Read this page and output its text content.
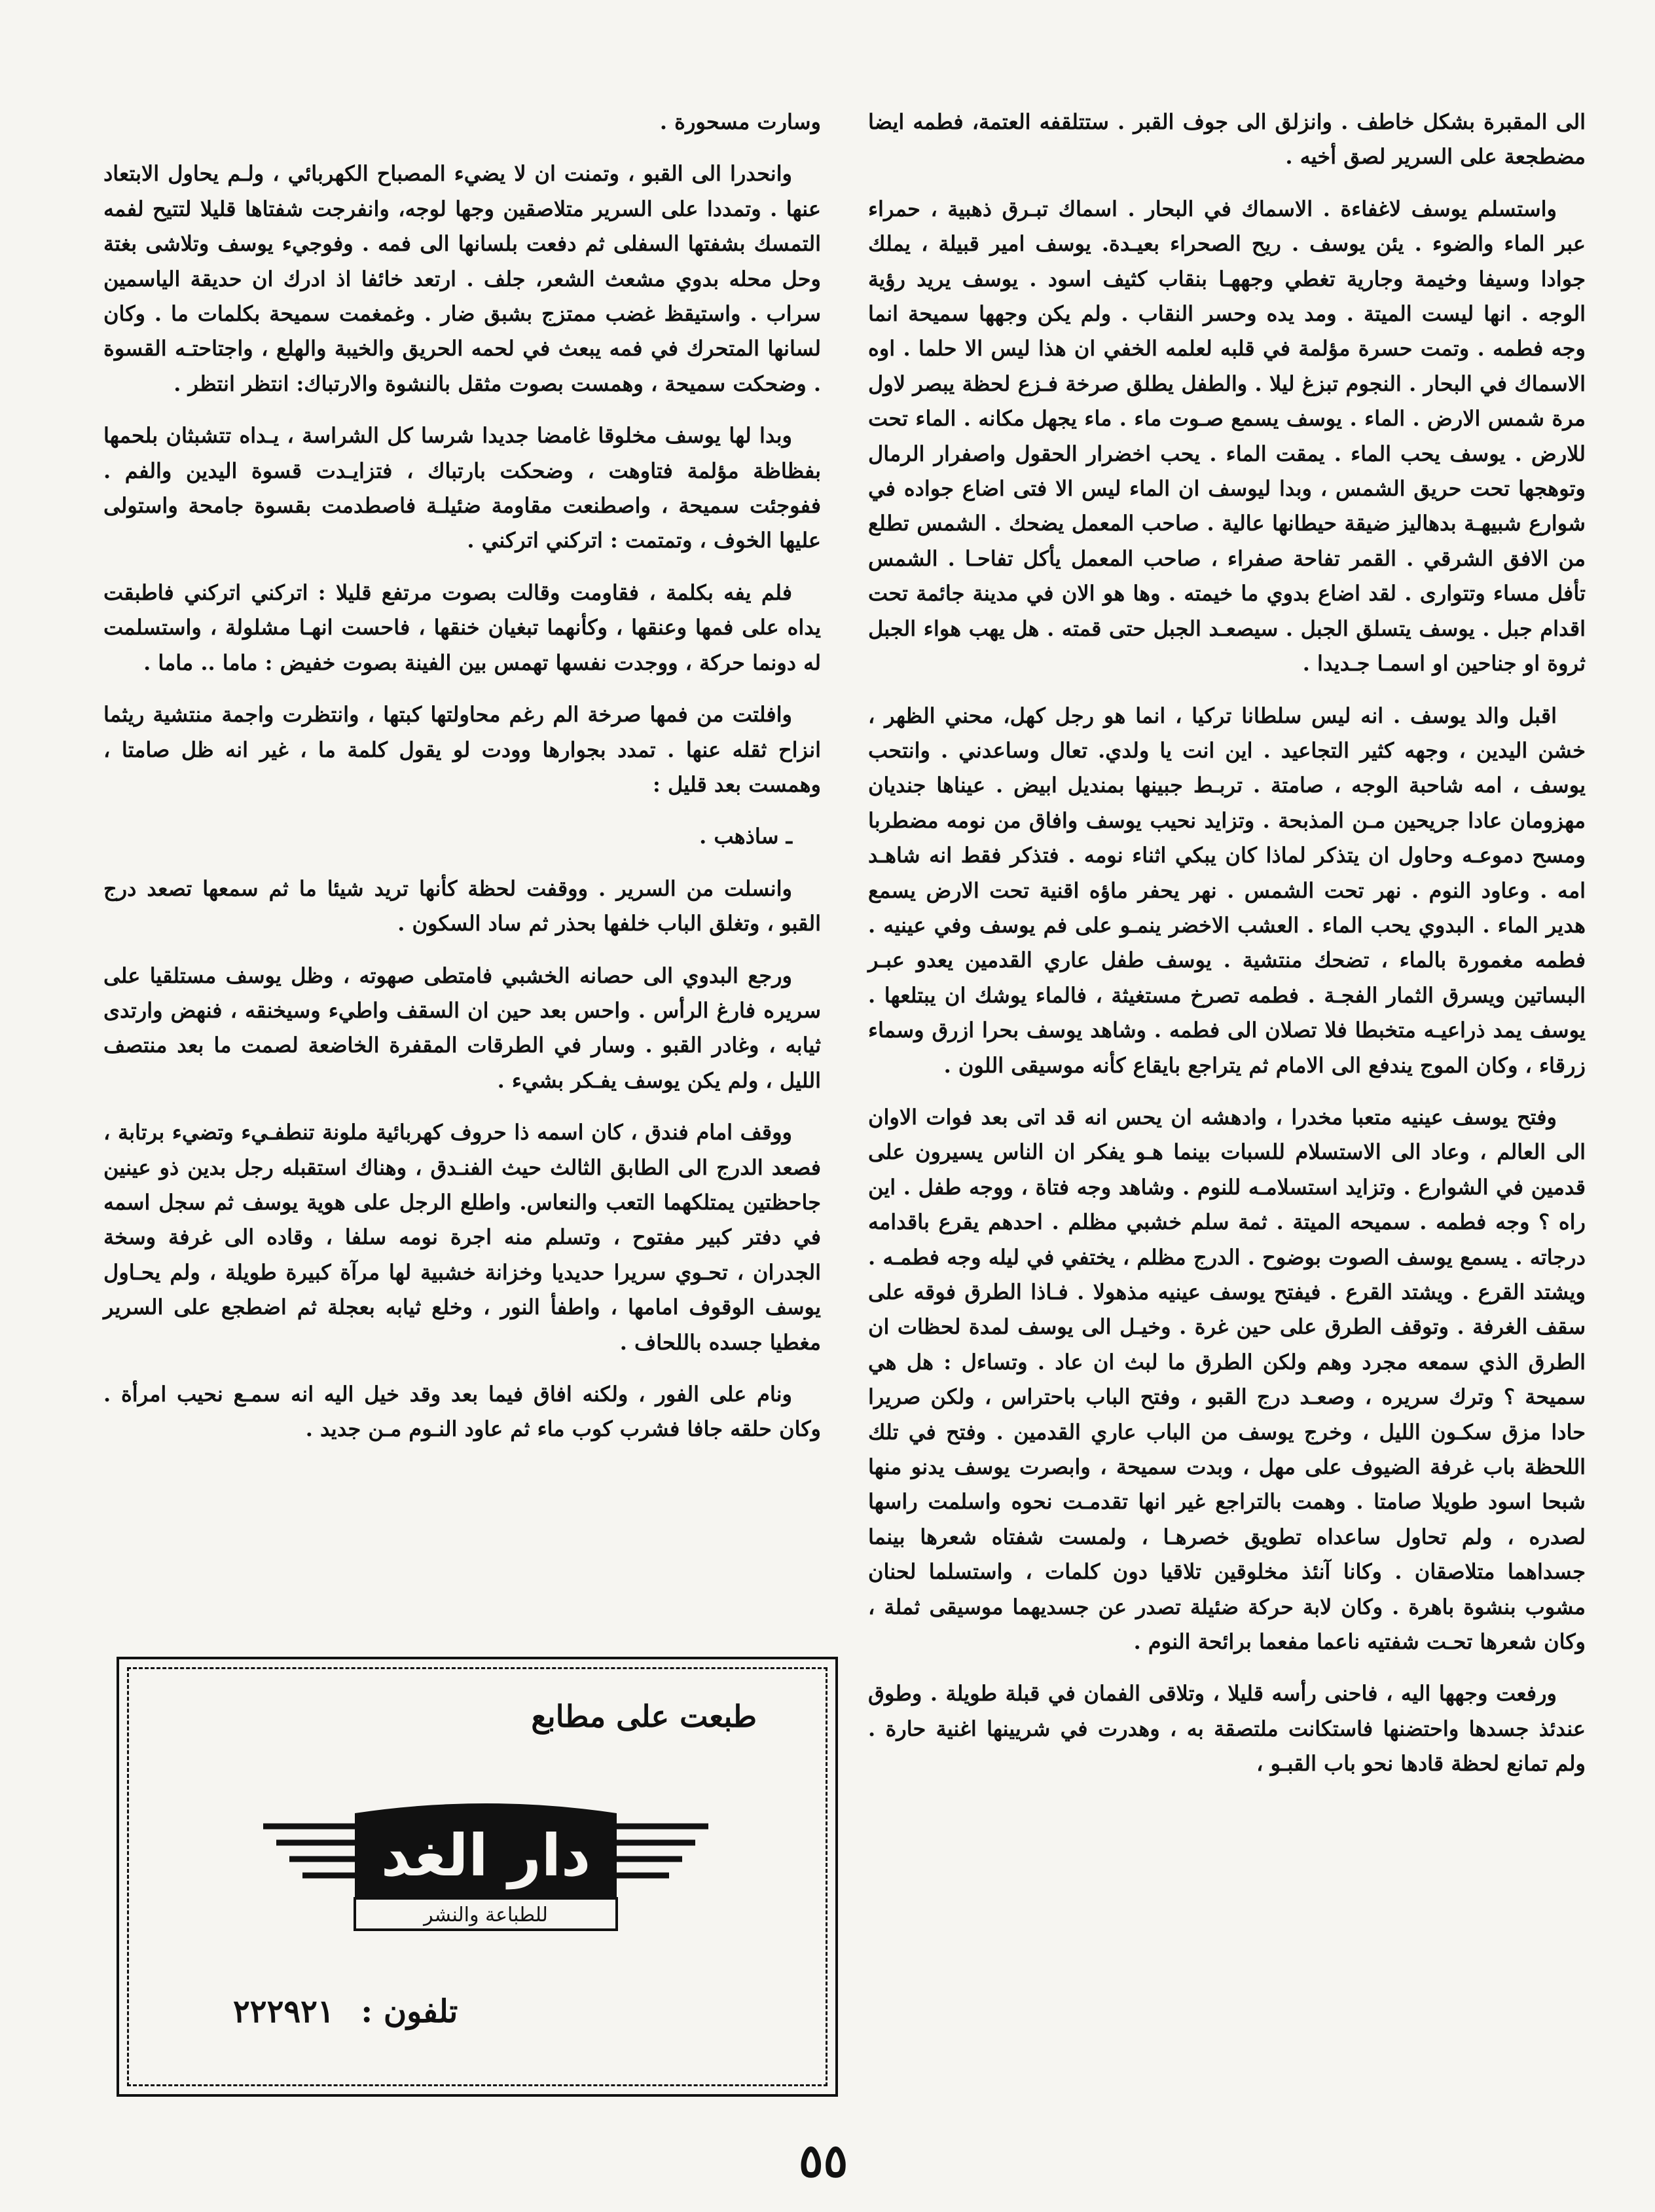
الى المقبرة بشكل خاطف . وانزلق الى جوف القبر . ستتلقفه العتمة، فطمه ايضا مضطجعة على السرير لصق أخيه .

واستسلم يوسف لاغفاءة . الاسماك في البحار . اسماك تبـرق ذهبية ، حمراء عبر الماء والضوء . يئن يوسف . ريح الصحراء بعيـدة. يوسف امير قبيلة ، يملك جوادا وسيفا وخيمة وجارية تغطي وجههـا بنقاب كثيف اسود . يوسف يريد رؤية الوجه . انها ليست الميتة . ومد يده وحسر النقاب . ولم يكن وجهها سميحة انما وجه فطمه . وتمت حسرة مؤلمة في قلبه لعلمه الخفي ان هذا ليس الا حلما . اوه الاسماك في البحار . النجوم تبزغ ليلا . والطفل يطلق صرخة فـزع لحظة يبصر لاول مرة شمس الارض . الماء . يوسف يسمع صـوت ماء . ماء يجهل مكانه . الماء تحت للارض . يوسف يحب الماء . يمقت الماء . يحب اخضرار الحقول واصفرار الرمال وتوهجها تحت حريق الشمس ، وبدا ليوسف ان الماء ليس الا فتى اضاع جواده في شوارع شبيهـة بدهاليز ضيقة حيطانها عالية . صاحب المعمل يضحك . الشمس تطلع من الافق الشرقي . القمر تفاحة صفراء ، صاحب المعمل يأكل تفاحـا . الشمس تأفل مساء وتتوارى . لقد اضاع بدوي ما خيمته . وها هو الان في مدينة جائمة تحت اقدام جبل . يوسف يتسلق الجبل . سيصعـد الجبل حتى قمته . هل يهب هواء الجبل ثروة او جناحين او اسمـا جـديدا .

اقبل والد يوسف . انه ليس سلطانا تركيا ، انما هو رجل كهل، محني الظهر ، خشن اليدين ، وجهه كثير التجاعيد . اين انت يا ولدي. تعال وساعدني . وانتحب يوسف ، امه شاحبة الوجه ، صامتة . تربـط جبينها بمنديل ابيض . عيناها جنديان مهزومان عادا جريحين مـن المذبحة . وتزايد نحيب يوسف وافاق من نومه مضطربا ومسح دموعـه وحاول ان يتذكر لماذا كان يبكي اثناء نومه . فتذكر فقط انه شاهـد امه . وعاود النوم . نهر تحت الشمس . نهر يحفر ماؤه اقنية تحت الارض يسمع هدير الماء . البدوي يحب الماء . العشب الاخضر ينمـو على فم يوسف وفي عينيه . فطمه مغمورة بالماء ، تضحك منتشية . يوسف طفل عاري القدمين يعدو عبـر البساتين ويسرق الثمار الفجـة . فطمه تصرخ مستغيثة ، فالماء يوشك ان يبتلعها . يوسف يمد ذراعيـه متخبطا فلا تصلان الى فطمه . وشاهد يوسف بحرا ازرق وسماء زرقاء ، وكان الموج يندفع الى الامام ثم يتراجع بايقاع كأنه موسيقى اللون .

وفتح يوسف عينيه متعبا مخدرا ، وادهشه ان يحس انه قد اتى بعد فوات الاوان الى العالم ، وعاد الى الاستسلام للسبات بينما هـو يفكر ان الناس يسيرون على قدمين في الشوارع . وتزايد استسلامـه للنوم . وشاهد وجه فتاة ، ووجه طفل . اين راه ؟ وجه فطمه . سميحه الميتة . ثمة سلم خشبي مظلم . احدهم يقرع باقدامه درجاته . يسمع يوسف الصوت بوضوح . الدرج مظلم ، يختفي في ليله وجه فطمـه . ويشتد القرع . ويشتد القرع . فيفتح يوسف عينيه مذهولا . فـاذا الطرق فوقه على سقف الغرفة . وتوقف الطرق على حين غرة . وخيـل الى يوسف لمدة لحظات ان الطرق الذي سمعه مجرد وهم ولكن الطرق ما لبث ان عاد . وتساءل : هل هي سميحة ؟ وترك سريره ، وصعـد درج القبو ، وفتح الباب باحتراس ، ولكن صريرا حادا مزق سكـون الليل ، وخرج يوسف من الباب عاري القدمين . وفتح في تلك اللحظة باب غرفة الضيوف على مهل ، وبدت سميحة ، وابصرت يوسف يدنو منها شبحا اسود طويلا صامتا . وهمت بالتراجع غير انها تقدمـت نحوه واسلمت راسها لصدره ، ولم تحاول ساعداه تطويق خصرهـا ، ولمست شفتاه شعرها بينما جسداهما متلاصقان . وكانا آنئذ مخلوقين تلاقيا دون كلمات ، واستسلما لحنان مشوب بنشوة باهرة . وكان لابة حركة ضئيلة تصدر عن جسديهما موسيقى ثملة ، وكان شعرها تحـت شفتيه ناعما مفعما برائحة النوم .

ورفعت وجهها اليه ، فاحنى رأسه قليلا ، وتلاقى الفمان في قبلة طويلة . وطوق عندئذ جسدها واحتضنها فاستكانت ملتصقة به ، وهدرت في شريينها اغنية حارة . ولم تمانع لحظة قادها نحو باب القبـو ،

وسارت مسحورة .

وانحدرا الى القبو ، وتمنت ان لا يضيء المصباح الكهربائي ، ولـم يحاول الابتعاد عنها . وتمددا على السرير متلاصقين وجها لوجه، وانفرجت شفتاها قليلا لتتيح لفمه التمسك بشفتها السفلى ثم دفعت بلسانها الى فمه . وفوجيء يوسف وتلاشى بغتة وحل محله بدوي مشعث الشعر، جلف . ارتعد خائفا اذ ادرك ان حديقة الياسمين سراب . واستيقظ غضب ممتزج بشبق ضار . وغمغمت سميحة بكلمات ما . وكان لسانها المتحرك في فمه يبعث في لحمه الحريق والخيبة والهلع ، واجتاحتـه القسوة . وضحكت سميحة ، وهمست بصوت مثقل بالنشوة والارتباك: انتظر انتظر .

وبدا لها يوسف مخلوقا غامضا جديدا شرسا كل الشراسة ، يـداه تتشبثان بلحمها بفظاظة مؤلمة فتاوهت ، وضحكت بارتباك ، فتزايـدت قسوة اليدين والفم . ففوجئت سميحة ، واصطنعت مقاومة ضئيلـة فاصطدمت بقسوة جامحة واستولى عليها الخوف ، وتمتمت : اتركني اتركني .

فلم يفه بكلمة ، فقاومت وقالت بصوت مرتفع قليلا : اتركني اتركني فاطبقت يداه على فمها وعنقها ، وكأنهما تبغيان خنقها ، فاحست انهـا مشلولة ، واستسلمت له دونما حركة ، ووجدت نفسها تهمس بين الفينة بصوت خفيض : ماما .. ماما .

وافلتت من فمها صرخة الم رغم محاولتها كبتها ، وانتظرت واجمة منتشية ريثما انزاح ثقله عنها . تمدد بجوارها وودت لو يقول كلمة ما ، غير انه ظل صامتا ، وهمست بعد قليل :

ـ ساذهب .

وانسلت من السرير . ووقفت لحظة كأنها تريد شيئا ما ثم سمعها تصعد درج القبو ، وتغلق الباب خلفها بحذر ثم ساد السكون .

ورجع البدوي الى حصانه الخشبي فامتطى صهوته ، وظل يوسف مستلقيا على سريره فارغ الرأس . واحس بعد حين ان السقف واطيء وسيخنقه ، فنهض وارتدى ثيابه ، وغادر القبو . وسار في الطرقات المقفرة الخاضعة لصمت ما بعد منتصف الليل ، ولم يكن يوسف يفـكر بشيء .

ووقف امام فندق ، كان اسمه ذا حروف كهربائية ملونة تنطفـيء وتضيء برتابة ، فصعد الدرج الى الطابق الثالث حيث الفنـدق ، وهناك استقبله رجل بدين ذو عينين جاحظتين يمتلكهما التعب والنعاس. واطلع الرجل على هوية يوسف ثم سجل اسمه في دفتر كبير مفتوح ، وتسلم منه اجرة نومه سلفا ، وقاده الى غرفة وسخة الجدران ، تحـوي سريرا حديديا وخزانة خشبية لها مرآة كبيرة طويلة ، ولم يحـاول يوسف الوقوف امامها ، واطفأ النور ، وخلع ثيابه بعجلة ثم اضطجع على السرير مغطيا جسده باللحاف .

ونام على الفور ، ولكنه افاق فيما بعد وقد خيل اليه انه سمـع نحيب امرأة . وكان حلقه جافا فشرب كوب ماء ثم عاود النـوم مـن جديد .

طبعت على مطابع
دار الغد
للطباعة والنشر
تلفون : ٢٢٢٩٢١
٥٥
